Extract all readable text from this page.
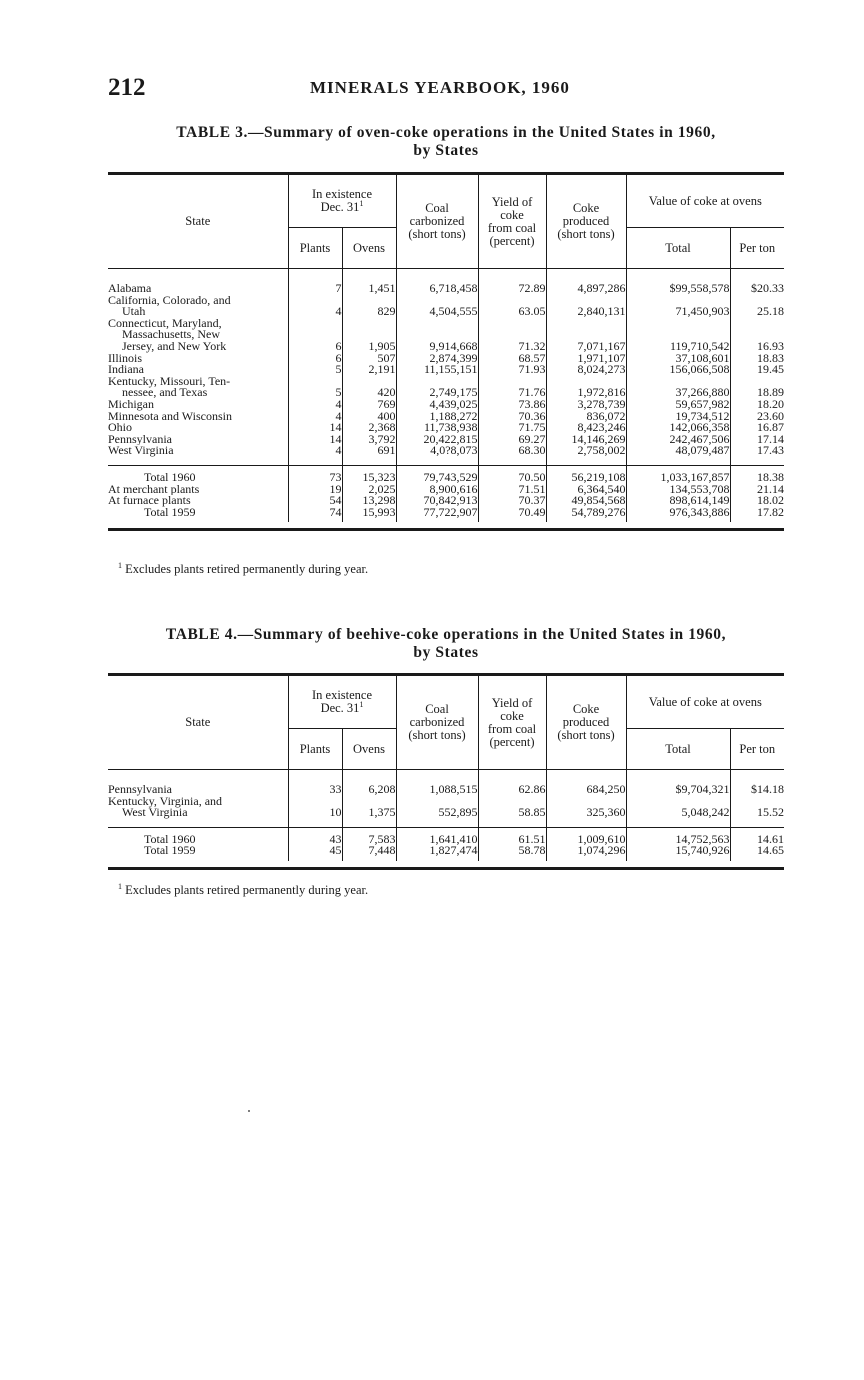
212	MINERALS YEARBOOK, 1960
TABLE 3.—Summary of oven-coke operations in the United States in 1960,
by States
State	In existence
Dec. $31^1$		Coal
carbonized
(short tons)	Yield of
coke
from coal
(percent)	Coke
produced
(short tons)	Value of coke at ovens	
	Plants	Ovens				Total	Per ton

Alabama	7	1,451	6,718,458	72.89	4,897,286	$99,558,578	$20.33

California, Colorado, and
Utah	4	829	4,504,555	63.05	2,840,131	71,450,903	25.18

Connecticut, Maryland,
Massachusetts, New
Jersey, and New York	6	1,905	9,914,668	71.32	7,071,167	119,710,542	16.93

Illinois	6	507	2,874,399	68.57	1,971,107	37,108,601	18.83

Indiana	5	2,191	11,155,151	71.93	8,024,273	156,066,508	19.45

Kentucky, Missouri, Ten-
nessee, and Texas	5	420	2,749,175	71.76	1,972,816	37,266,880	18.89

Michigan	4	769	4,439,025	73.86	3,278,739	59,657,982	18.20

Minnesota and Wisconsin	4	400	1,188,272	70.36	836,072	19,734,512	23.60

Ohio	14	2,368	11,738,938	71.75	8,423,246	142,066,358	16.87

Pennsylvania	14	3,792	20,422,815	69.27	14,146,269	242,467,506	17.14

West Virginia	4	691	4,0?8,073	68.30	2,758,002	48,079,487	17.43

Total 1960	73	15,323	79,743,529	70.50	56,219,108	1,033,167,857	18.38

At merchant plants	19	2,025	8,900,616	71.51	6,364,540	134,553,708	21.14

At furnace plants	54	13,298	70,842,913	70.37	49,854,568	898,614,149	18.02

Total 1959	74	15,993	77,722,907	70.49	54,789,276	976,343,886	17.82

$^1$ Excludes plants retired permanently during year.
TABLE 4.—Summary of beehive-coke operations in the United States in 1960,
by States
State	In existence
Dec. $31^1$		Coal
carbonized
(short tons)	Yield of
coke
from coal
(percent)	Coke
produced
(short tons)	Value of coke at ovens	
	Plants	Ovens				Total	Per ton

Pennsylvania	33	6,208	1,088,515	62.86	684,250	$9,704,321	$14.18

Kentucky, Virginia, and
West Virginia	10	1,375	552,895	58.85	325,360	5,048,242	15.52

Total 1960	43	7,583	1,641,410	61.51	1,009,610	14,752,563	14.61

Total 1959	45	7,448	1,827,474	58.78	1,074,296	15,740,926	14.65

$^1$ Excludes plants retired permanently during year.
